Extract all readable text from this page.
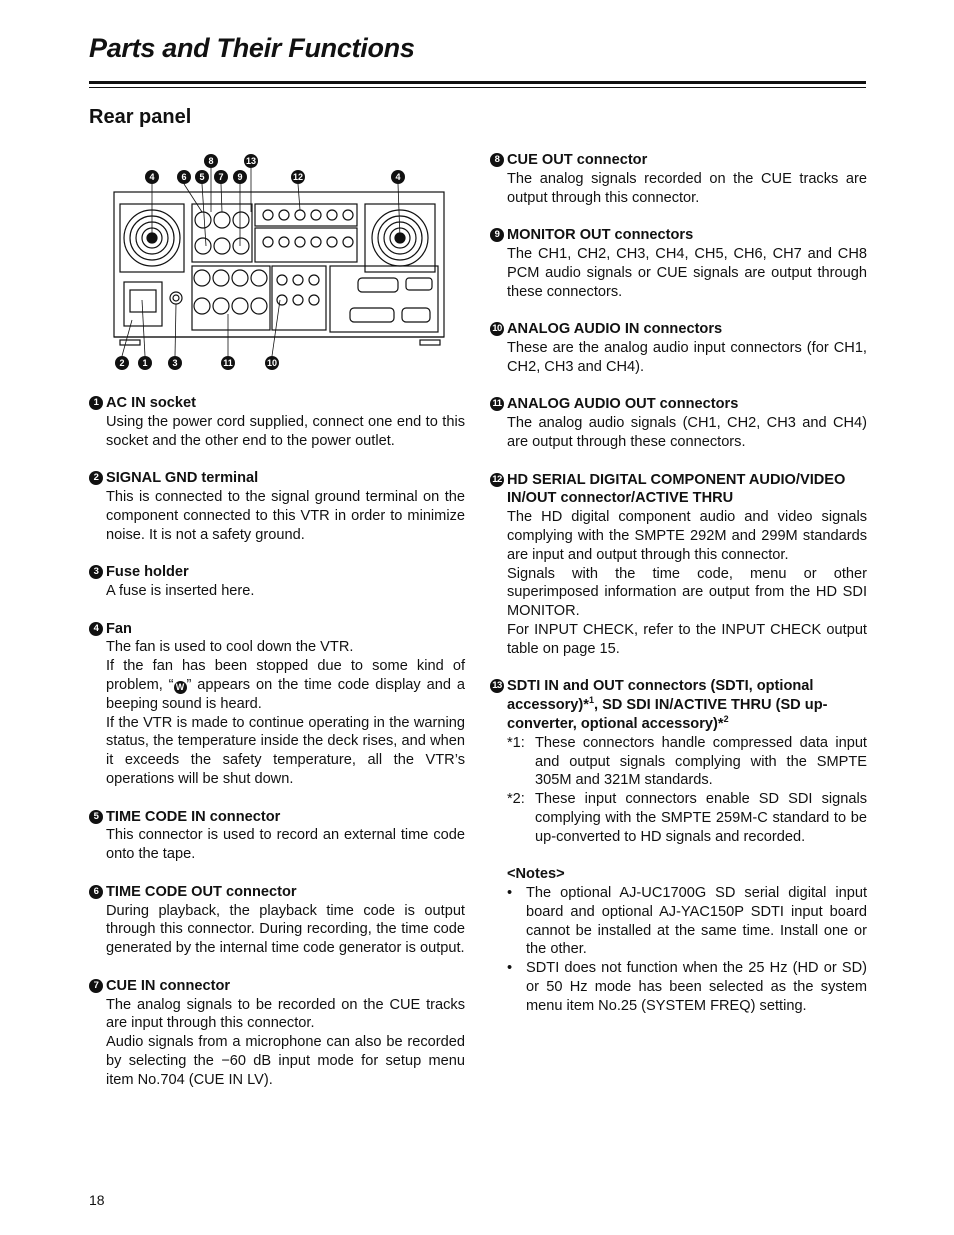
Parts and Their Functions
Rear panel
8	13
4	6 5 7 9	12	4
2 1	3	11	10
1 AC IN socket

Using the power cord supplied, connect one end to this socket and the other end to the power outlet.

2 SIGNAL GND terminal

This is connected to the signal ground terminal on the component connected to this VTR in order to minimize noise. It is not a safety ground.

3 Fuse holder

A fuse is inserted here.

4 Fan

The fan is used to cool down the VTR.

If the fan has been stopped due to some kind of problem, “ W ” appears on the time code display and a beeping sound is heard.

If the VTR is made to continue operating in the warning status, the temperature inside the deck rises, and when it exceeds the safety temperature, all the VTR’s operations will be shut down.

5 TIME CODE IN connector

This connector is used to record an external time code onto the tape.

6 TIME CODE OUT connector

During playback, the playback time code is output through this connector. During recording, the time code generated by the internal time code generator is output.

7 CUE IN connector

The analog signals to be recorded on the CUE tracks are input through this connector.

Audio signals from a microphone can also be recorded by selecting the −60 dB input mode for setup menu item No.704 (CUE IN LV).

8 CUE OUT connector

The analog signals recorded on the CUE tracks are output through this connector.

9 MONITOR OUT connectors

The CH1, CH2, CH3, CH4, CH5, CH6, CH7 and CH8 PCM audio signals or CUE signals are output through these connectors.

10 ANALOG AUDIO IN connectors

These are the analog audio input connectors (for CH1, CH2, CH3 and CH4).

11 ANALOG AUDIO OUT connectors

The analog audio signals (CH1, CH2, CH3 and CH4) are output through these connectors.

12 HD SERIAL DIGITAL COMPONENT AUDIO/VIDEO IN/OUT connector/ACTIVE THRU

The HD digital component audio and video signals complying with the SMPTE 292M and 299M standards are input and output through this connector.

Signals with the time code, menu or other superimposed information are output from the HD SDI MONITOR.

For INPUT CHECK, refer to the INPUT CHECK output table on page 15.

13 SDTI IN and OUT connectors (SDTI, optional accessory)*$^1$, SD SDI IN/ACTIVE THRU (SD up-converter, optional accessory)*$^2$
*1: These connectors handle compressed data input and output signals complying with the SMPTE 305M and 321M standards.
*2: These input connectors enable SD SDI signals complying with the SMPTE 259M-C standard to be up-converted to HD signals and recorded.
<Notes>
• The optional AJ-UC1700G SD serial digital input board and optional AJ-YAC150P SDTI input board cannot be installed at the same time. Install one or the other.
• SDTI does not function when the 25 Hz (HD or SD) or 50 Hz mode has been selected as the system menu item No.25 (SYSTEM FREQ) setting.

18
